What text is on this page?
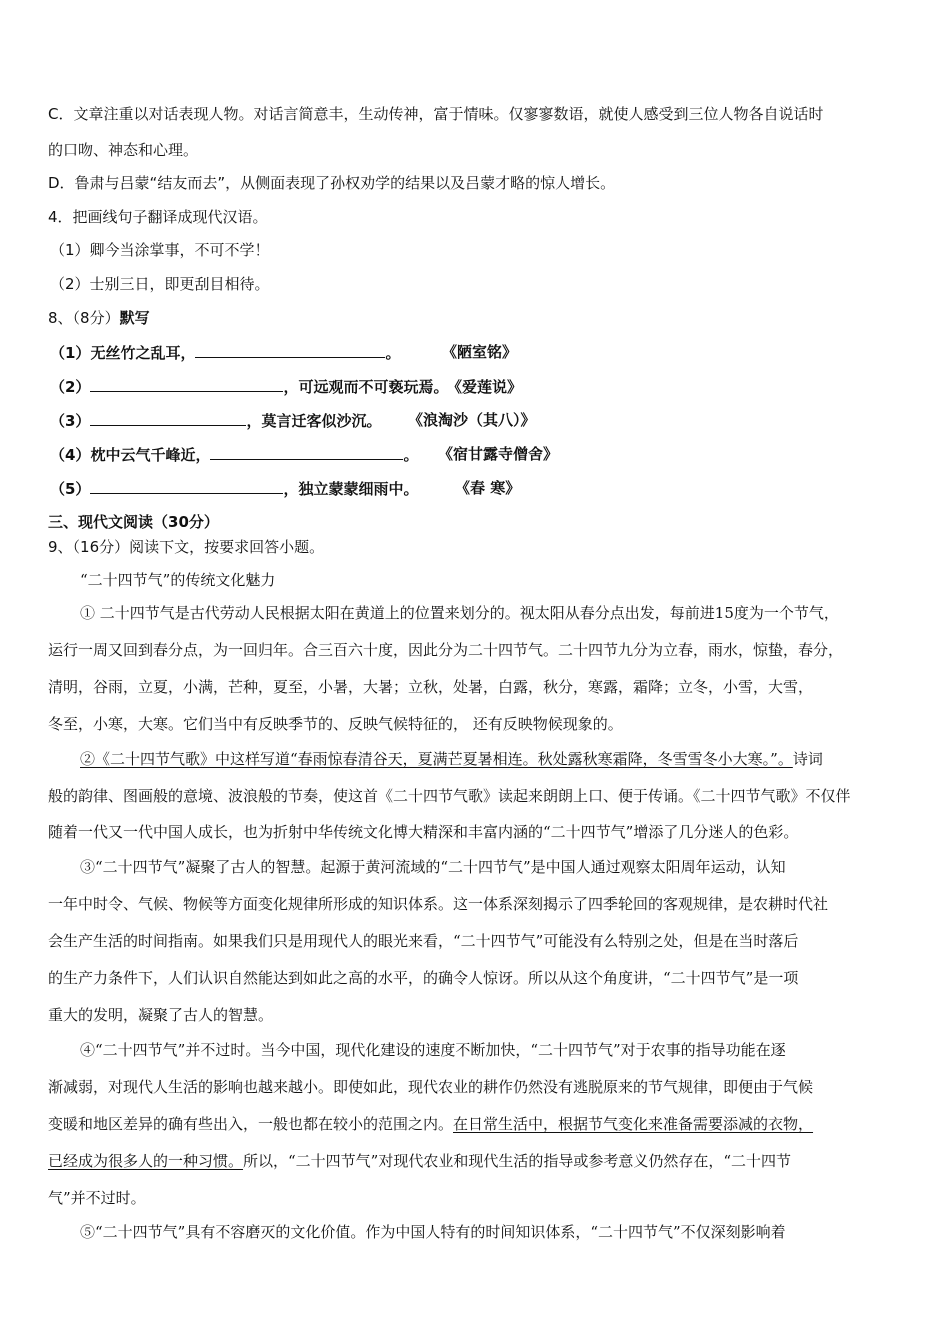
C．文章注重以对话表现人物。对话言简意丰，生动传神，富于情味。仅寥寥数语，就使人感受到三位人物各自说话时
的口吻、神态和心理。
D．鲁肃与吕蒙“结友而去”，从侧面表现了孙权劝学的结果以及吕蒙才略的惊人增长。
4．把画线句子翻译成现代汉语。
（1）卿今当涂掌事，不可不学！
（2）士别三日，即更刮目相待。
8、（8分）默写
（1）无丝竹之乱耳，	。	《陋室铭》
（2）	，可远观而不可亵玩焉。 《爱莲说》
（3）	，莫言迁客似沙沉。 《浪淘沙（其八）》
（4）枕中云气千峰近，	。 《宿甘露寺僧舍》
（5）	，独立蒙蒙细雨中。 《春 寒》
三、现代文阅读（30分）
9、（16分）阅读下文，按要求回答小题。
“二十四节气”的传统文化魅力
① 二十四节气是古代劳动人民根据太阳在黄道上的位置来划分的。视太阳从春分点出发，每前进15度为一个节气，
运行一周又回到春分点，为一回归年。合三百六十度，因此分为二十四节气。二十四节九分为立春，雨水，惊蛰，春分，
清明，谷雨，立夏，小满，芒种，夏至，小暑，大暑；立秋，处暑，白露，秋分，寒露，霜降；立冬，小雪，大雪，
冬至，小寒，大寒。它们当中有反映季节的、反映气候特征的， 还有反映物候现象的。
②《二十四节气歌》中这样写道“春雨惊春清谷天，夏满芒夏暑相连。秋处露秋寒霜降，冬雪雪冬小大寒。”。诗词
般的韵律、图画般的意境、波浪般的节奏，使这首《二十四节气歌》读起来朗朗上口、便于传诵。《二十四节气歌》不仅伴
随着一代又一代中国人成长，也为折射中华传统文化博大精深和丰富内涵的“二十四节气”增添了几分迷人的色彩。
③“二十四节气”凝聚了古人的智慧。起源于黄河流域的“二十四节气”是中国人通过观察太阳周年运动，认知
一年中时令、气候、物候等方面变化规律所形成的知识体系。这一体系深刻揭示了四季轮回的客观规律，是农耕时代社
会生产生活的时间指南。如果我们只是用现代人的眼光来看，“二十四节气”可能没有么特别之处，但是在当时落后
的生产力条件下，人们认识自然能达到如此之高的水平，的确令人惊讶。所以从这个角度讲，“二十四节气”是一项
重大的发明，凝聚了古人的智慧。
④“二十四节气”并不过时。当今中国，现代化建设的速度不断加快，“二十四节气”对于农事的指导功能在逐
渐减弱，对现代人生活的影响也越来越小。即使如此，现代农业的耕作仍然没有逃脱原来的节气规律，即便由于气候
变暖和地区差异的确有些出入，一般也都在较小的范围之内。在日常生活中，根据节气变化来准备需要添减的衣物，
已经成为很多人的一种习惯。所以，“二十四节气”对现代农业和现代生活的指导或参考意义仍然存在，“二十四节
气”并不过时。
⑤“二十四节气”具有不容磨灭的文化价值。作为中国人特有的时间知识体系，“二十四节气”不仅深刻影响着
